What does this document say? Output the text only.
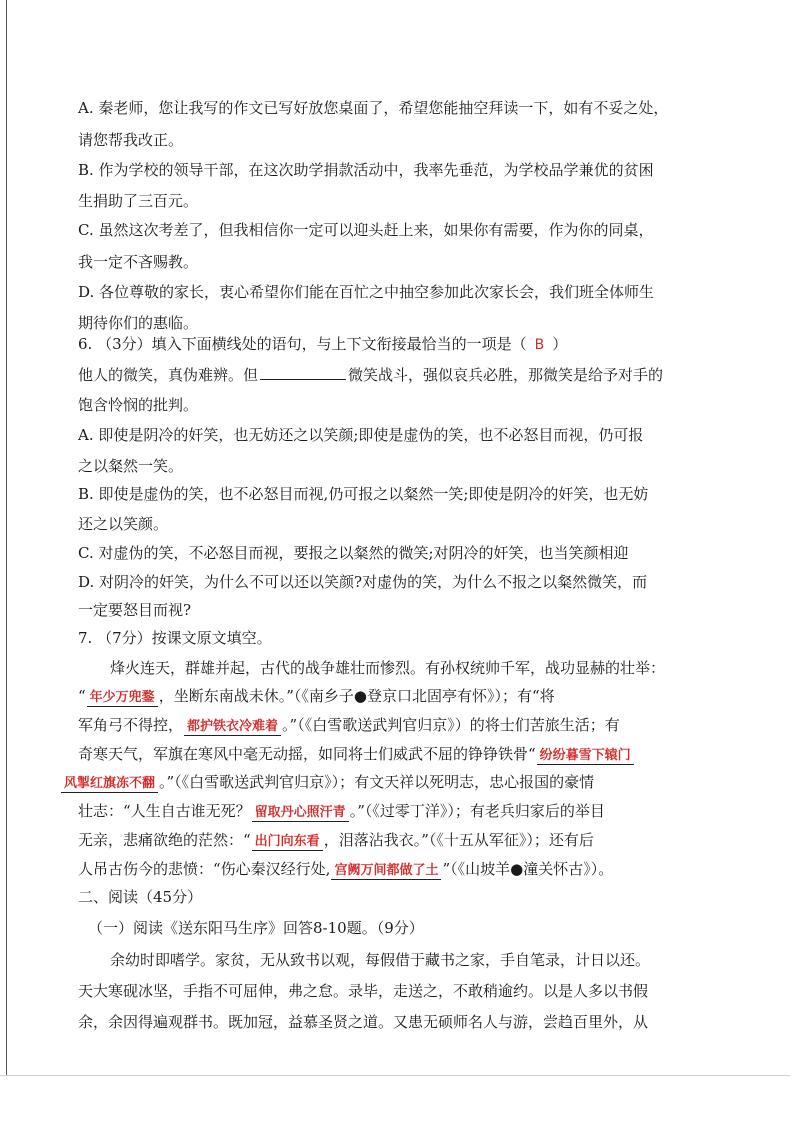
A. 秦老师，您让我写的作文已写好放您桌面了，希望您能抽空拜读一下，如有不妥之处，
请您帮我改正。
B. 作为学校的领导干部，在这次助学捐款活动中，我率先垂范，为学校品学兼优的贫困
生捐助了三百元。
C. 虽然这次考差了，但我相信你一定可以迎头赶上来，如果你有需要，作为你的同桌，
我一定不吝赐教。
D. 各位尊敬的家长，衷心希望你们能在百忙之中抽空参加此次家长会，我们班全体师生
期待你们的惠临。
6. （3分）填入下面横线处的语句，与上下文衔接最恰当的一项是（ B ）
他人的微笑，真伪难辨。但	微笑战斗，强似哀兵必胜，那微笑是给予对手的
饱含怜悯的批判。
A. 即使是阴冷的奸笑，也无妨还之以笑颜;即使是虚伪的笑，也不必怒目而视，仍可报
之以粲然一笑。
B. 即使是虚伪的笑，也不必怒目而视,仍可报之以粲然一笑;即使是阴冷的奸笑，也无妨
还之以笑颜。
C. 对虚伪的笑，不必怒目而视，要报之以粲然的微笑;对阴冷的奸笑，也当笑颜相迎
D. 对阴冷的奸笑，为什么不可以还以笑颜?对虚伪的笑，为什么不报之以粲然微笑，而
一定要怒目而视?
7. （7分）按课文原文填空。
烽火连天，群雄并起，古代的战争雄壮而惨烈。有孙权统帅千军，战功显赫的壮举：
“ 年少万兜鍪 ，坐断东南战未休。”（《南乡子●登京口北固亭有怀》）；有“将
军角弓不得控， 都护铁衣冷难着 。”（《白雪歌送武判官归京》）的将士们苦旅生活；有
奇寒天气，军旗在寒风中毫无动摇，如同将士们威武不屈的铮铮铁骨“ 纷纷暮雪下辕门
风掣红旗冻不翻 。”（《白雪歌送武判官归京》）；有文天祥以死明志，忠心报国的豪情
壮志：“人生自古谁无死？ 留取丹心照汗青 。”（《过零丁洋》）；有老兵归家后的举目
无亲，悲痛欲绝的茫然：“ 出门向东看 ，泪落沾我衣。”（《十五从军征》）；还有后
人吊古伤今的悲愤：“伤心秦汉经行处, 宫阙万间都做了土 ”（《山坡羊●潼关怀古》）。
二、阅读（45分）
（一）阅读《送东阳马生序》回答8-10题。（9分）
余幼时即嗜学。家贫，无从致书以观，每假借于藏书之家，手自笔录，计日以还。
天大寒砚冰坚，手指不可屈伸，弗之怠。录毕，走送之，不敢稍逾约。以是人多以书假
余，余因得遍观群书。既加冠，益慕圣贤之道。又患无硕师名人与游，尝趋百里外，从
